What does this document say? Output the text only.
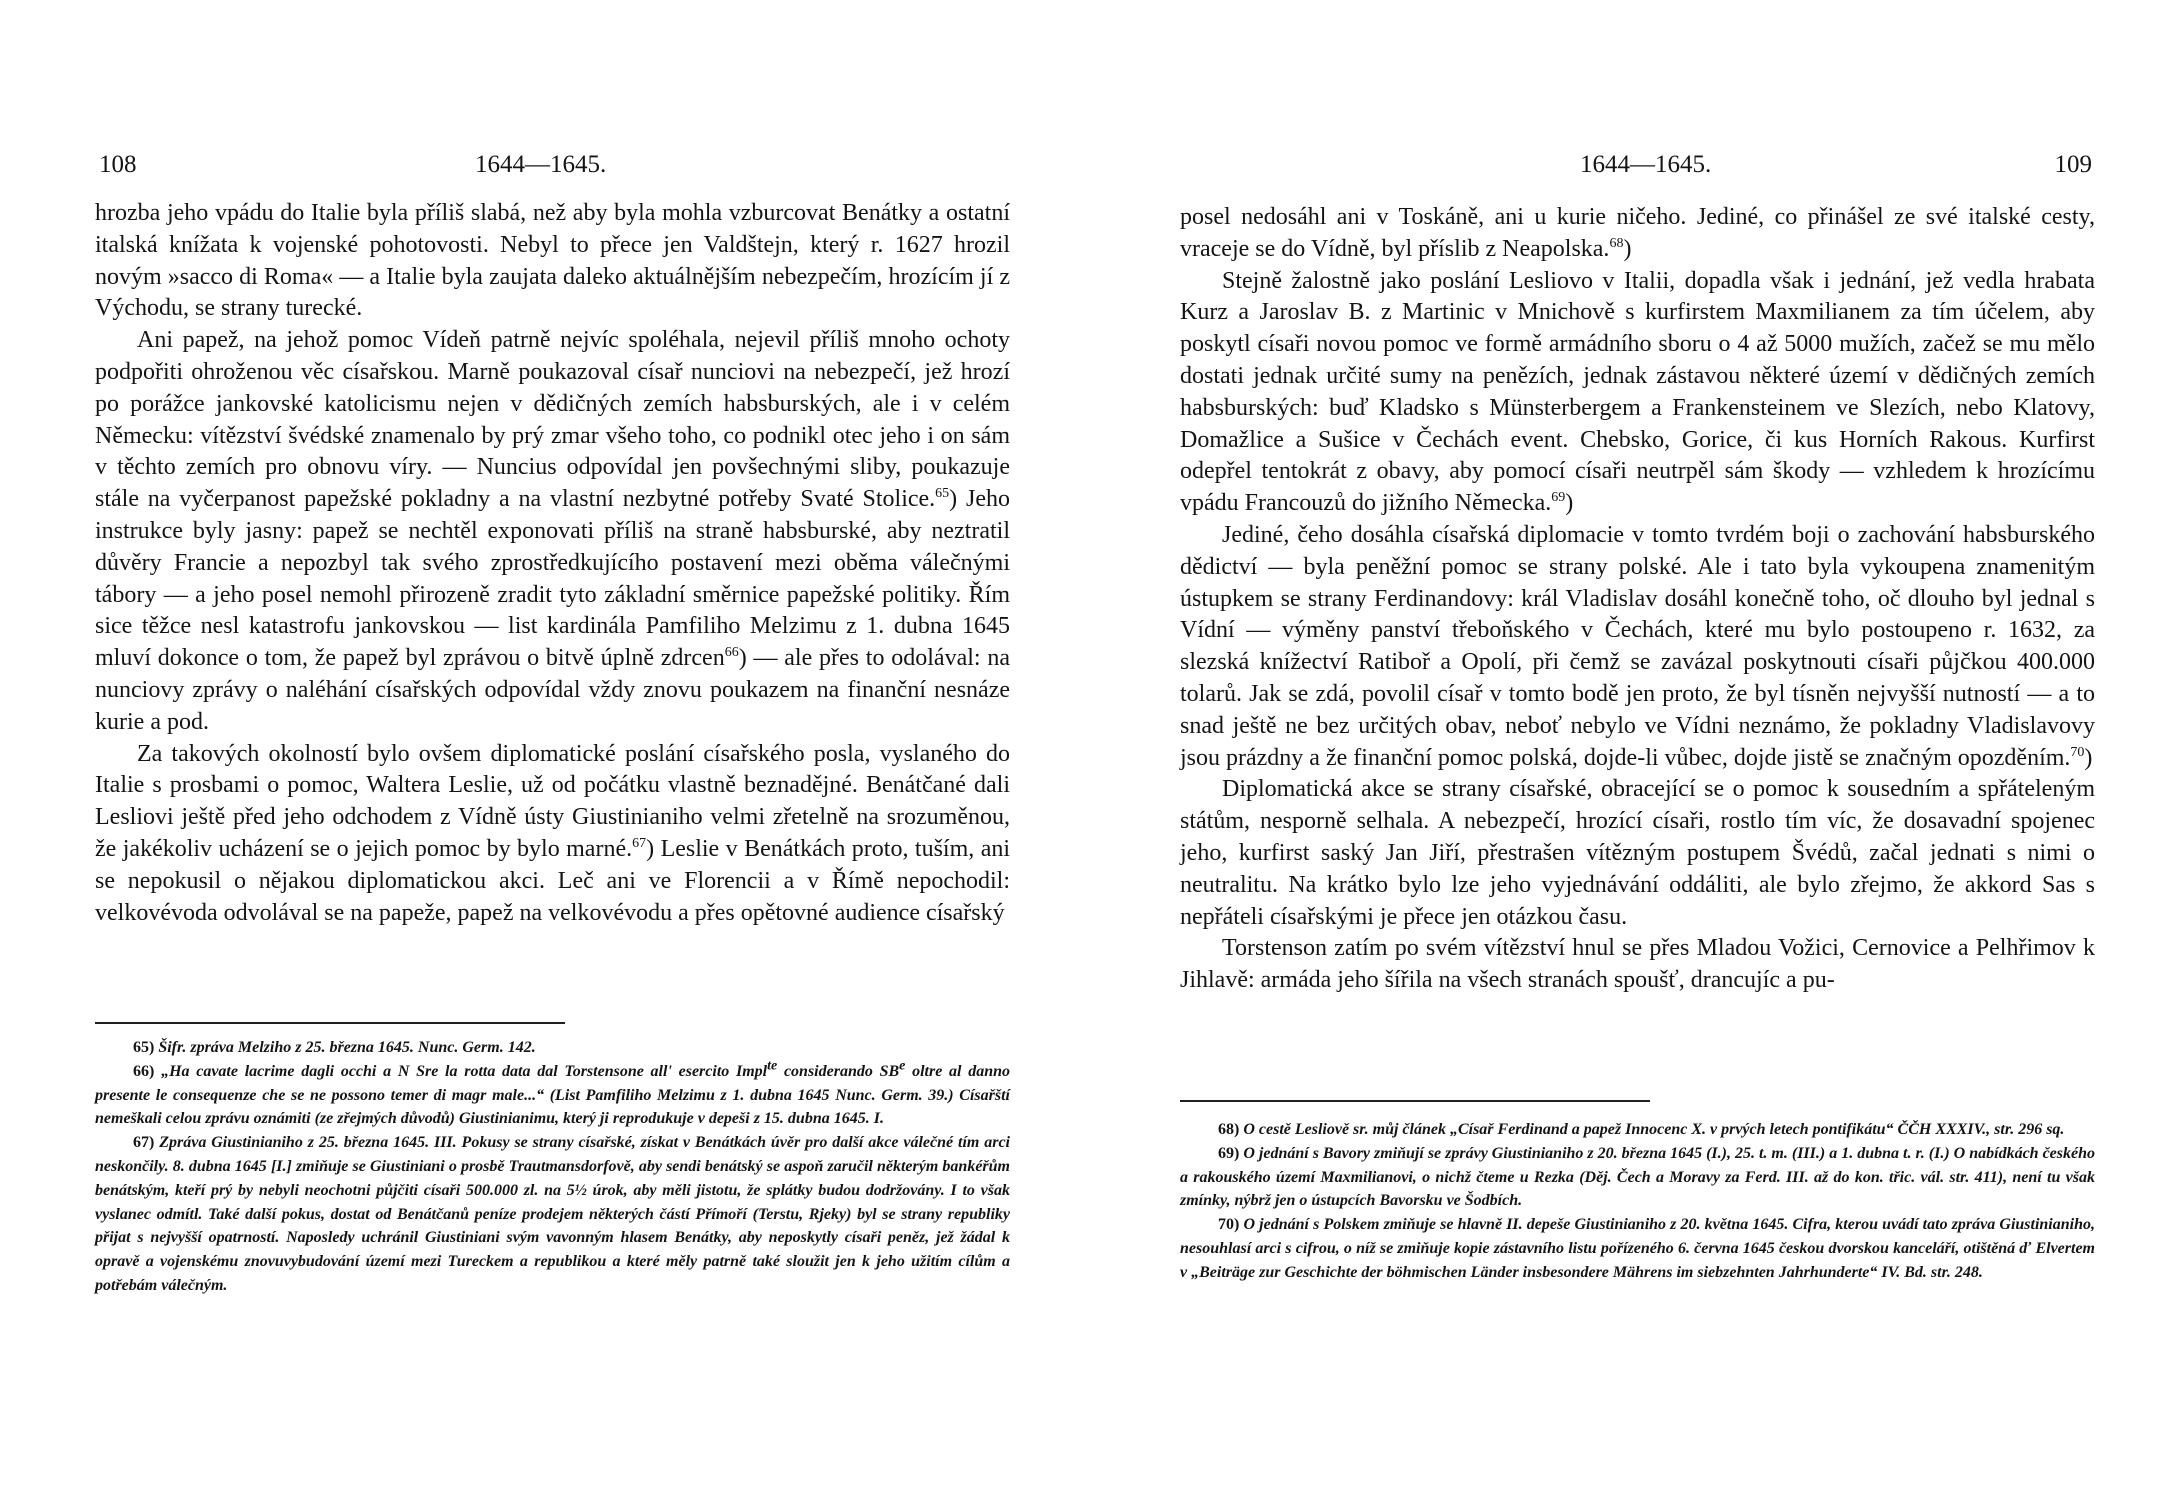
108	1644—1645.

hrozba jeho vpádu do Italie byla příliš slabá, než aby byla mohla vzburcovat Benátky a ostatní italská knížata k vojenské pohotovosti. Nebyl to přece jen Valdštejn, který r. 1627 hrozil novým »sacco di Roma« — a Italie byla zaujata daleko aktuálnějším nebezpečím, hrozícím jí z Východu, se strany turecké.

Ani papež, na jehož pomoc Vídeň patrně nejvíc spoléhala, nejevil příliš mnoho ochoty podpořiti ohroženou věc císařskou. Marně poukazoval císař nunciovi na nebezpečí, jež hrozí po porážce jankovské katolicismu nejen v dědičných zemích habsburských, ale i v celém Německu: vítězství švédské znamenalo by prý zmar všeho toho, co podnikl otec jeho i on sám v těchto zemích pro obnovu víry. — Nuncius odpovídal jen povšechnými sliby, poukazuje stále na vyčerpanost papežské pokladny a na vlastní nezbytné potřeby Svaté Stolice.$^{65}$) Jeho instrukce byly jasny: papež se nechtěl exponovati příliš na straně habsburské, aby neztratil důvěry Francie a nepozbyl tak svého zprostředkujícího postavení mezi oběma válečnými tábory — a jeho posel nemohl přirozeně zradit tyto základní směrnice papežské politiky. Řím sice těžce nesl katastrofu jankovskou — list kardinála Pamfiliho Melzimu z 1. dubna 1645 mluví dokonce o tom, že papež byl zprávou o bitvě úplně zdrcen$^{66}$) — ale přes to odolával: na nunciovy zprávy o naléhání císařských odpovídal vždy znovu poukazem na finanční nesnáze kurie a pod.

Za takových okolností bylo ovšem diplomatické poslání císařského posla, vyslaného do Italie s prosbami o pomoc, Waltera Leslie, už od počátku vlastně beznadějné. Benátčané dali Lesliovi ještě před jeho odchodem z Vídně ústy Giustinianiho velmi zřetelně na srozuměnou, že jakékoliv ucházení se o jejich pomoc by bylo marné.$^{67}$) Leslie v Benátkách proto, tuším, ani se nepokusil o nějakou diplomatickou akci. Leč ani ve Florencii a v Římě nepochodil: velkovévoda odvolával se na papeže, papež na velkovévodu a přes opětovné audience císařský

65) Šifr. zpráva Melziho z 25. března 1645. Nunc. Germ. 142.

66) „Ha cavate lacrime dagli occhi a N Sre la rotta data dal Torstensone all' esercito Impl$^{te}$ considerando $SB^e$ oltre al danno presente le consequenze che se ne possono temer di magr male...“ (List Pamfiliho Melzimu z 1. dubna 1645 Nunc. Germ. 39.) Císařští nemeškali celou zprávu oznámiti (ze zřejmých důvodů) Giustinianimu, který ji reprodukuje v depeši z 15. dubna 1645. I.

67) Zpráva Giustinianiho z 25. března 1645. III. Pokusy se strany císařské, získat v Benátkách úvěr pro další akce válečné tím arci neskončily. 8. dubna 1645 [I.] zmiňuje se Giustiniani o prosbě Trautmansdorfově, aby sendi benátský se aspoň zaručil některým bankéřům benátským, kteří prý by nebyli neochotni půjčiti císaři 500.000 zl. na 5½ úrok, aby měli jistotu, že splátky budou dodržovány. I to však vyslanec odmítl. Také další pokus, dostat od Benátčanů peníze prodejem některých částí Přímoří (Terstu, Rjeky) byl se strany republiky přijat s nejvyšší opatrností. Naposledy uchránil Giustiniani svým vavonným hlasem Benátky, aby neposkytly císaři peněz, jež žádal k opravě a vojenskému znovuvybudování území mezi Tureckem a republikou a které měly patrně také sloužit jen k jeho užitím cílům a potřebám válečným.

1644—1645.	109

posel nedosáhl ani v Toskáně, ani u kurie ničeho. Jediné, co přinášel ze své italské cesty, vraceje se do Vídně, byl příslib z Neapolska.$^{68}$)

Stejně žalostně jako poslání Lesliovo v Italii, dopadla však i jednání, jež vedla hrabata Kurz a Jaroslav B. z Martinic v Mnichově s kurfirstem Maxmilianem za tím účelem, aby poskytl císaři novou pomoc ve formě armádního sboru o 4 až 5000 mužích, začež se mu mělo dostati jednak určité sumy na penězích, jednak zástavou některé území v dědičných zemích habsburských: buď Kladsko s Münsterbergem a Frankensteinem ve Slezích, nebo Klatovy, Domažlice a Sušice v Čechách event. Chebsko, Gorice, či kus Horních Rakous. Kurfirst odepřel tentokrát z obavy, aby pomocí císaři neutrpěl sám škody — vzhledem k hrozícímu vpádu Francouzů do jižního Německa.$^{69}$)

Jediné, čeho dosáhla císařská diplomacie v tomto tvrdém boji o zachování habsburského dědictví — byla peněžní pomoc se strany polské. Ale i tato byla vykoupena znamenitým ústupkem se strany Ferdinandovy: král Vladislav dosáhl konečně toho, oč dlouho byl jednal s Vídní — výměny panství třeboňského v Čechách, které mu bylo postoupeno r. 1632, za slezská knížectví Ratiboř a Opolí, při čemž se zavázal poskytnouti císaři půjčkou 400.000 tolarů. Jak se zdá, povolil císař v tomto bodě jen proto, že byl tísněn nejvyšší nutností — a to snad ještě ne bez určitých obav, neboť nebylo ve Vídni neznámo, že pokladny Vladislavovy jsou prázdny a že finanční pomoc polská, dojde-li vůbec, dojde jistě se značným opozděním.$^{70}$)

Diplomatická akce se strany císařské, obracející se o pomoc k sousedním a spřáteleným státům, nesporně selhala. A nebezpečí, hrozící císaři, rostlo tím víc, že dosavadní spojenec jeho, kurfirst saský Jan Jiří, přestrašen vítězným postupem Švédů, začal jednati s nimi o neutralitu. Na krátko bylo lze jeho vyjednávání oddáliti, ale bylo zřejmo, že akkord Sas s nepřáteli císařskými je přece jen otázkou času.

Torstenson zatím po svém vítězství hnul se přes Mladou Vožici, Cernovice a Pelhřimov k Jihlavě: armáda jeho šířila na všech stranách spoušť, drancujíc a pu-

68) O cestě Lesliově sr. můj článek „Císař Ferdinand a papež Innocenc X. v prvých letech pontifikátu“ ČČH XXXIV., str. 296 sq.

69) O jednání s Bavory zmiňují se zprávy Giustinianiho z 20. března 1645 (I.), 25. t. m. (III.) a 1. dubna t. r. (I.) O nabídkách českého a rakouského území Maxmilianovi, o nichž čteme u Rezka (Děj. Čech a Moravy za Ferd. III. až do kon. třic. vál. str. 411), není tu však zmínky, nýbrž jen o ústupcích Bavorsku ve Šodbích.

70) O jednání s Polskem zmiňuje se hlavně II. depeše Giustinianiho z 20. května 1645. Cifra, kterou uvádí tato zpráva Giustinianiho, nesouhlasí arci s cifrou, o níž se zmiňuje kopie zástavního listu pořízeného 6. června 1645 českou dvorskou kanceláří, otištěná ď Elvertem v „Beiträge zur Geschichte der böhmischen Länder insbesondere Mährens im siebzehnten Jahrhunderte“ IV. Bd. str. 248.
